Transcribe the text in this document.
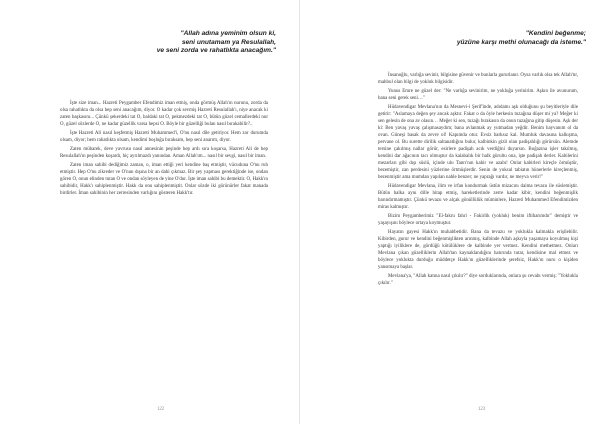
"Allah adına yeminim olsun ki,
seni unutamam ya Resulallah,
ve seni zorda ve rahatlıkta anacağım."

İşte size iman... Hazreti Peygamber Efendimiz iman etmiş, onda görmüş Allah'ın nurunu, zorda da olsa rahatlıkta da olsa hep seni anacağım, diyor. O kadar çok sevmiş Hazreti Resulallah'ı, niye anacak ki zaten başkasını... Çünkü şekerdeki tat O, baldaki tat O, pekmezdeki tat O, bütün güzel cemallerdeki nur O, güzel sözlerde O, ne kadar güzellik varsa hepsi O. Böyle bir güzelliği bulan nasıl bırakabilir?..

İşte Hazreti Ali nasıl keşfetmiş Hazreti Muhammed'i, O'nu nasıl dile getiriyor. Hem zor durumda olsam, diyor; hem rahatlıkta olsam, kendimi boşluğa bıraksam, hep seni anarım, diyor.

Zaten mübarek, deve yavrusu nasıl annesinin peşinde hep ardı sıra koşarsa, Hazreti Ali de hep Resulallah'ın peşinden koşardı, hiç ayrılmazdı yanından. Aman Allah'ım... nasıl bir sevgi, nasıl bir iman.

Zaten iman sahibi dediğimiz zaman, o, iman ettiği yeri kendine baş etmiştir, vücuduna O'nu ruh etmiştir. Hep O'nu zikreder ve O'nun dışına bir an dahi çıkmaz. Bir şey yapması gerektiğinde ise, ondan gören O, onun elinden tutan O ve ondan söyleyen de yine O'dur. İşte iman sahibi bu demektir. O, Hakk'ın sahibidir, Hakk'ı sahiplenmiştir. Hakk da onu sahiplenmiştir. Onlar sözde iki görünürler fakat manada birdirler. İman sahibinin her zerresinden varlığını gösteren Hakk'tır.

122
"Kendini beğenme;
yüzüne karşı methi olunacağı da isteme."

İnsanoğlu, varlığa sevinir, bilgisine güvenir ve bunlarla gururlanır. Oysa varlık olsa tek Allah'tır, mahbul olan bilgi de yokluk bilgisidir.

Yunus Emre ne güzel der: "Ne varlığa sevinirim, ne yokluğa yerinirim. Aşkın ile avunurum, bana seni gerek seni…"

Hüdavendigar Mevlana'nın da Mesnevi-i Şerif'inde, adıdamı aşk olduğunu şu beyitleriyle dile getirir: "Aslamaya değen şey ancak aşktır. Fakat o da öyle herkesin tuzağına düşer mi ya? Meğer ki sen gelesin de ona av olasın… Meğer ki sen, tuzağı bırakasın da onun tuzağına gitip düşesin. Aşk der ki: Ben yavaş yavaş çalışmasaydım; bana avlanmak ay yutmadan yeğdir. Benim hayvanım ol da ovan. Güneşi basak da zevre ol! Kapımda otur. Evsiz barksız kal. Mumluk davasına kalkışma, pervane ol. Bu surette dirilik saltanatlığını bulur, kalbinkin gizli olan padişahlığı görürsün. Alemde tersine çakılmış nallar görür, esirlere padişah acık verdiğini duyarsın. Boğazına işler takılmış, kendini dar ağacının tacı olmuştur da kalabalık bir halk gürultu ona, işte padişah derler. Kabilerini mezarları gibi dışı süslü, içinde ulu Tanrı'nın kahir ve azabı! Onlar kabirleri kireçle örmüştür, bezemiştir, zan perdesini yüzlerine örtmüşlerdir. Senin de yoksul tabiatın hünerlerle kireçlenmiş, bezenmiştir ama mumdan yapılan nahle benzer; ne yaprağı vardır, ne meyva verir!"

Hüdavendigar Mevlana, ilim ve irfan kondurmak üstün mizacını daima tevazu ile süslemiştir. Bütün halka aynı dille hitap etmiş, hareketlerinde zerre kadar kibir, kendini beğenmişlik barındırmamıştır. Çünkü tevazu ve alçak gönüllülük müminlere, Hazreti Muhammed Efendimizden miras kalmıştır.

Bizim Peygamberimiz "El-fakru fahri - Fakirlik (yokluk) benim iftiharımdır" demiştir ve yaşayışını böylece ortaya koymuştur.

Hayatın gayesi Hakk'ın muhabbetidir. Bana da tevazu ve yoklukla kalmakla erişilebilir. Kibirden, gurur ve kendini beğenmişlikten arınmış, kalbinde Allah aşkıyla yaşamaya koyulmuş kişi yaptığı iyiliklere de, gördüğü kötülüklere de kalbinde yer vermez. Kendini methetmez. Onları Mevlana çıkan güzelliklerin Allah'tan kaynaklandığını hatırında tutar, kendisine mal etmez ve böylece yoklukta durduğu müddetçe Hakk'ın güzelliklerinde şerefsiz, Hakk'ın nuru o kişiden yansımaya başlar.

Mevlana'ya, "Allah katına nasıl çıkılır?" diye sorduklarında, onlara şu cevabı vermiş: "Yoklukla çıkılır."

123
